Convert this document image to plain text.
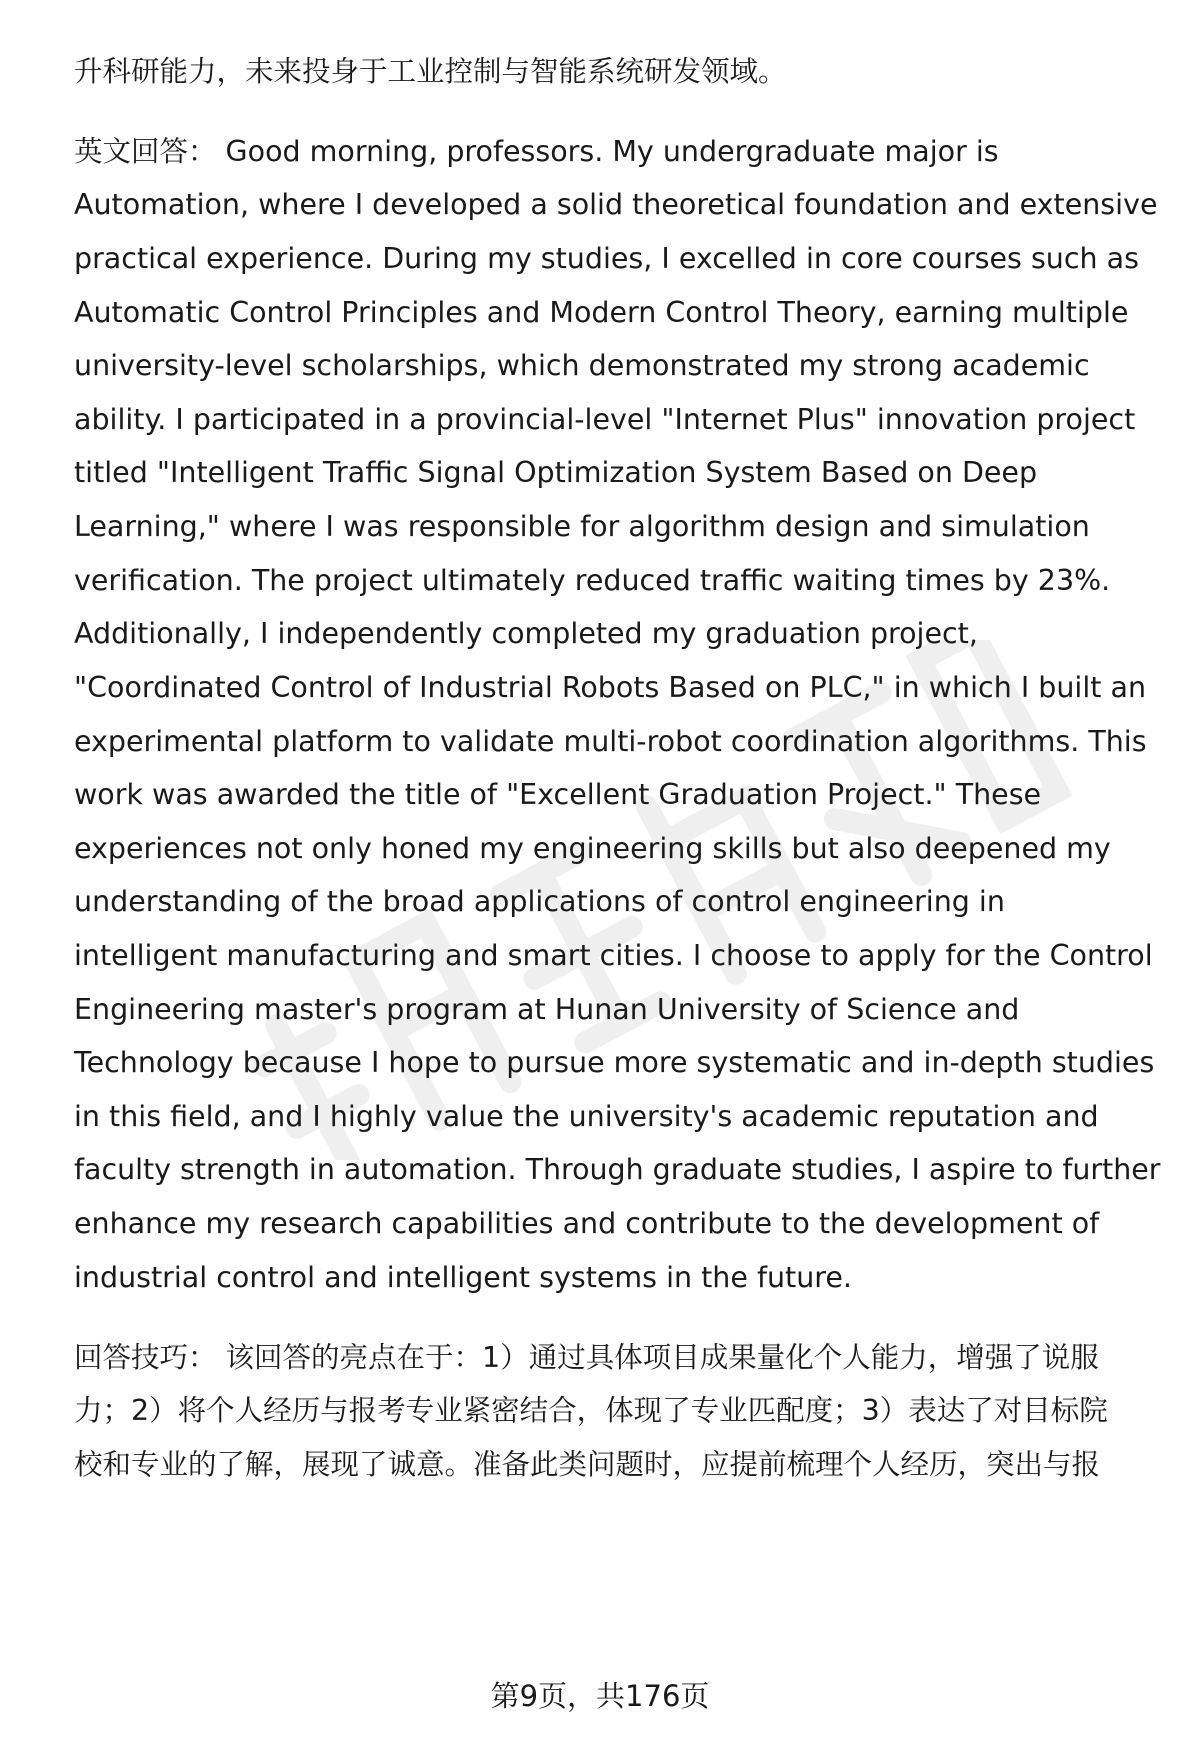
升科研能力，未来投身于工业控制与智能系统研发领域。
英文回答： Good morning, professors. My undergraduate major is
Automation, where I developed a solid theoretical foundation and extensive
practical experience. During my studies, I excelled in core courses such as
Automatic Control Principles and Modern Control Theory, earning multiple
university-level scholarships, which demonstrated my strong academic
ability. I participated in a provincial-level "Internet Plus" innovation project
titled "Intelligent Traffic Signal Optimization System Based on Deep
Learning," where I was responsible for algorithm design and simulation
verification. The project ultimately reduced traffic waiting times by 23%.
Additionally, I independently completed my graduation project,
"Coordinated Control of Industrial Robots Based on PLC," in which I built an
experimental platform to validate multi-robot coordination algorithms. This
work was awarded the title of "Excellent Graduation Project." These
experiences not only honed my engineering skills but also deepened my
understanding of the broad applications of control engineering in
intelligent manufacturing and smart cities. I choose to apply for the Control
Engineering master's program at Hunan University of Science and
Technology because I hope to pursue more systematic and in-depth studies
in this field, and I highly value the university's academic reputation and
faculty strength in automation. Through graduate studies, I aspire to further
enhance my research capabilities and contribute to the development of
industrial control and intelligent systems in the future.
回答技巧： 该回答的亮点在于：1）通过具体项目成果量化个人能力，增强了说服
力；2）将个人经历与报考专业紧密结合，体现了专业匹配度；3）表达了对目标院
校和专业的了解，展现了诚意。准备此类问题时，应提前梳理个人经历，突出与报
第9页，共176页
